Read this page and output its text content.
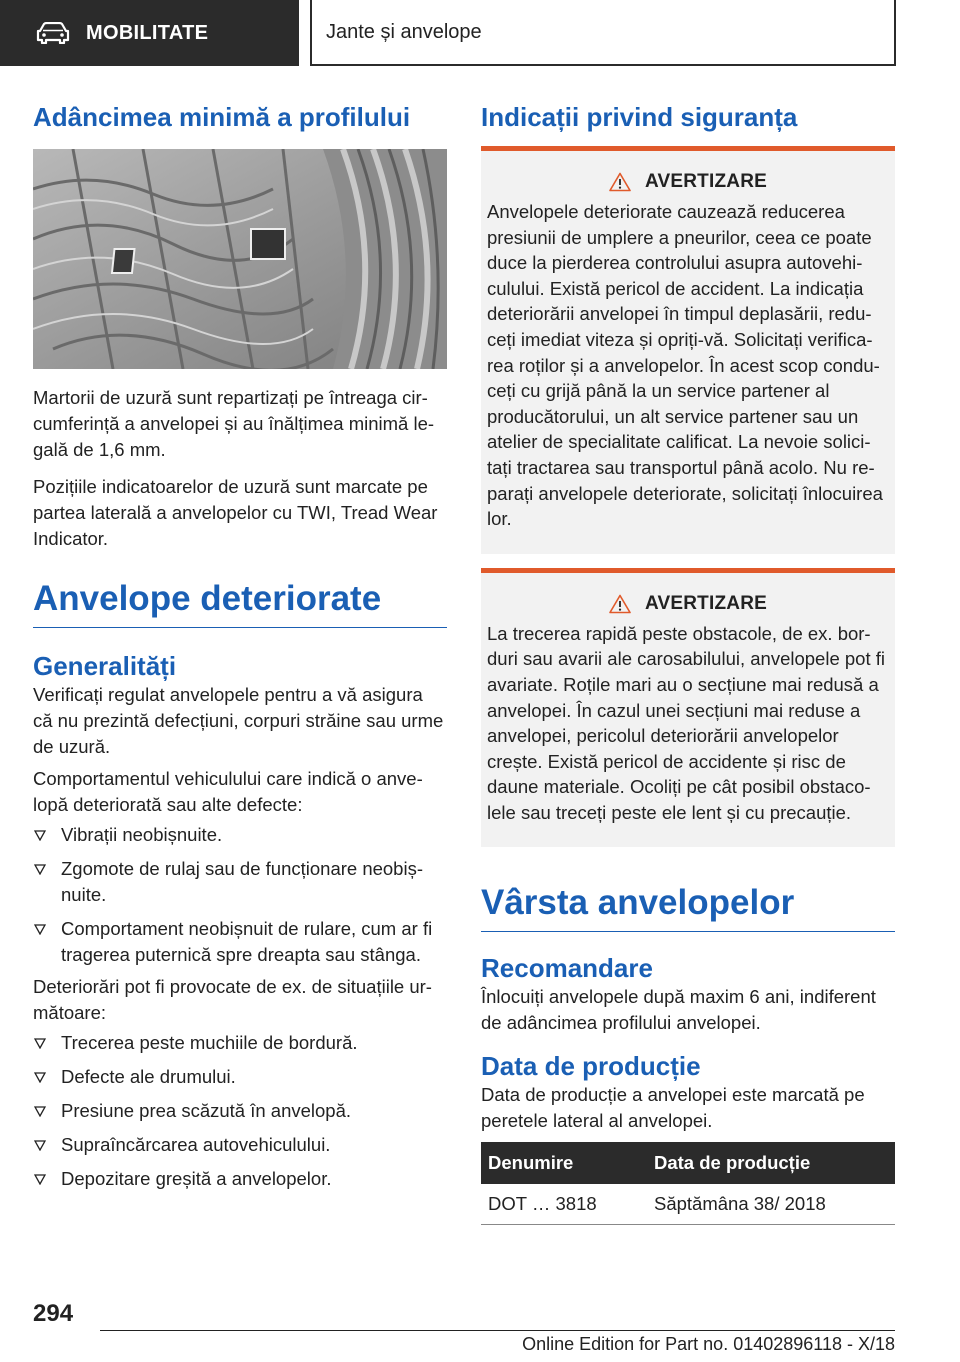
MOBILITATE	Jante și anvelope
Adâncimea minimă a profilului

Martorii de uzură sunt repartizați pe întreaga cir-cumferință a anvelopei și au înălțimea minimă le-gală de 1,6 mm.

Pozițiile indicatoarelor de uzură sunt marcate pe partea laterală a anvelopelor cu TWI, Tread Wear Indicator.

Anvelope deteriorate
Generalități

Verificați regulat anvelopele pentru a vă asigura că nu prezintă defecțiuni, corpuri străine sau urme de uzură.

Comportamentul vehiculului care indică o anve-lopă deteriorată sau alte defecte:

Vibrații neobișnuite.
Zgomote de rulaj sau de funcționare neobiș-nuite.
Comportament neobișnuit de rulare, cum ar fi tragerea puternică spre dreapta sau stânga.

Deteriorări pot fi provocate de ex. de situațiile ur-mătoare:

Trecerea peste muchiile de bordură.
Defecte ale drumului.
Presiune prea scăzută în anvelopă.
Supraîncărcarea autovehiculului.
Depozitare greșită a anvelopelor.
Indicații privind siguranța
AVERTIZARE

Anvelopele deteriorate cauzează reducerea presiunii de umplere a pneurilor, ceea ce poate duce la pierderea controlului asupra autovehi-culului. Există pericol de accident. La indicația deteriorării anvelopei în timpul deplasării, redu-ceți imediat viteza și opriți-vă. Solicitați verifica-rea roților și a anvelopelor. În acest scop condu-ceți cu grijă până la un service partener al producătorului, un alt service partener sau un atelier de specialitate calificat. La nevoie solici-tați tractarea sau transportul până acolo. Nu re-parați anvelopele deteriorate, solicitați înlocuirea lor.

AVERTIZARE

La trecerea rapidă peste obstacole, de ex. bor-duri sau avarii ale carosabilului, anvelopele pot fi avariate. Roțile mari au o secțiune mai redusă a anvelopei. În cazul unei secțiuni mai reduse a anvelopei, pericolul deteriorării anvelopelor crește. Există pericol de accidente și risc de daune materiale. Ocoliți pe cât posibil obstaco-lele sau treceți peste ele lent și cu precauție.

Vârsta anvelopelor
Recomandare

Înlocuiți anvelopele după maxim 6 ani, indiferent de adâncimea profilului anvelopei.

Data de producție

Data de producție a anvelopei este marcată pe peretele lateral al anvelopei.

Denumire	Data de producție
DOT … 3818	Săptămâna 38/ 2018
294
Online Edition for Part no. 01402896118 - X/18
